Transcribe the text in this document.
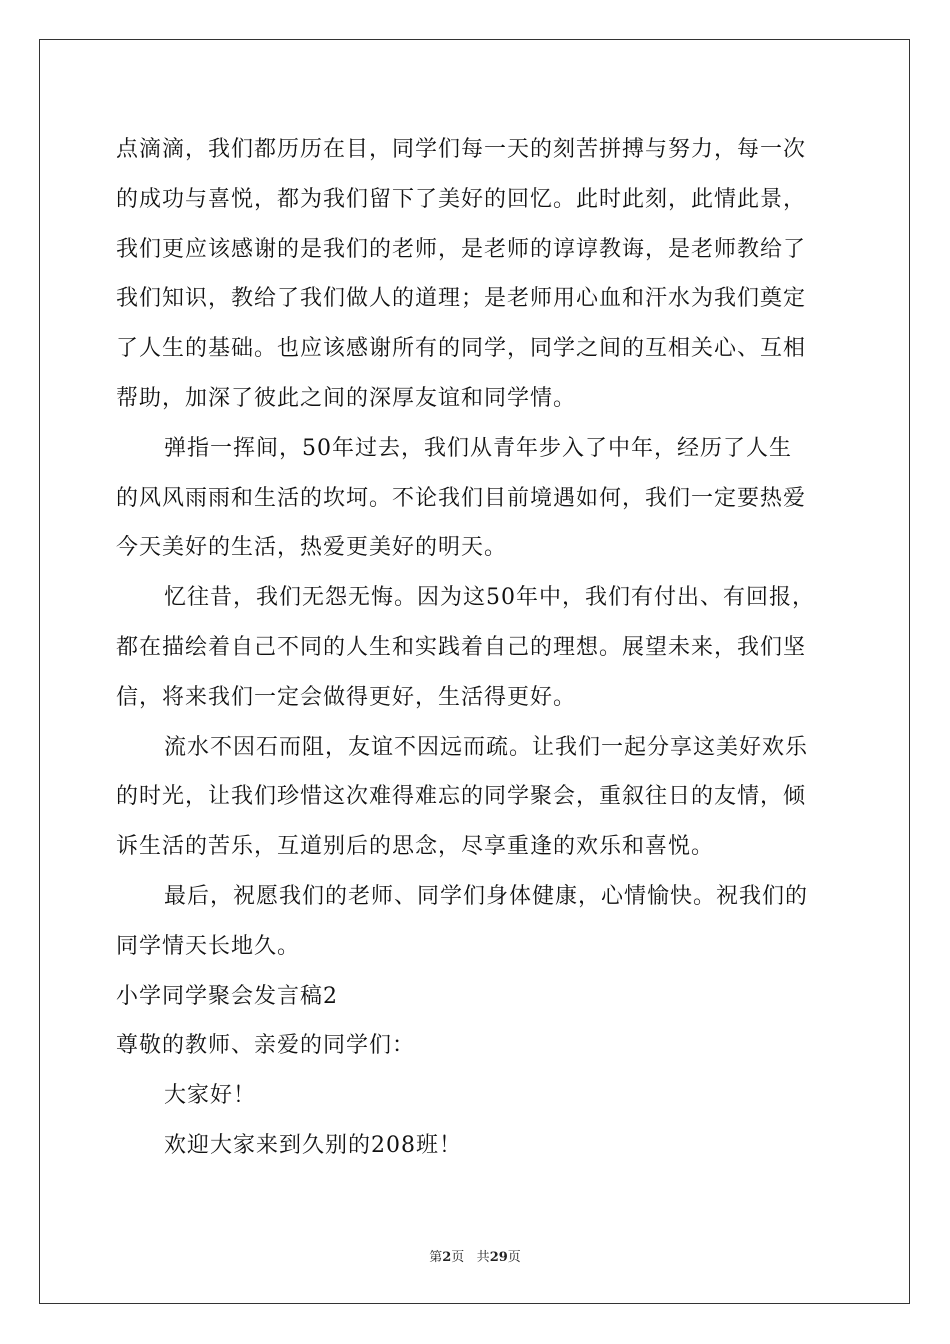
点滴滴，我们都历历在目，同学们每一天的刻苦拼搏与努力，每一次
的成功与喜悦，都为我们留下了美好的回忆。此时此刻，此情此景，
我们更应该感谢的是我们的老师，是老师的谆谆教诲，是老师教给了
我们知识，教给了我们做人的道理；是老师用心血和汗水为我们奠定
了人生的基础。也应该感谢所有的同学，同学之间的互相关心、互相
帮助，加深了彼此之间的深厚友谊和同学情。
弹指一挥间，50年过去，我们从青年步入了中年，经历了人生
的风风雨雨和生活的坎坷。不论我们目前境遇如何，我们一定要热爱
今天美好的生活，热爱更美好的明天。
忆往昔，我们无怨无悔。因为这50年中，我们有付出、有回报，
都在描绘着自己不同的人生和实践着自己的理想。展望未来，我们坚
信，将来我们一定会做得更好，生活得更好。
流水不因石而阻，友谊不因远而疏。让我们一起分享这美好欢乐
的时光，让我们珍惜这次难得难忘的同学聚会，重叙往日的友情，倾
诉生活的苦乐，互道别后的思念，尽享重逢的欢乐和喜悦。
最后，祝愿我们的老师、同学们身体健康，心情愉快。祝我们的
同学情天长地久。
小学同学聚会发言稿2
尊敬的教师、亲爱的同学们：
大家好！
欢迎大家来到久别的208班！
第2页 共29页
